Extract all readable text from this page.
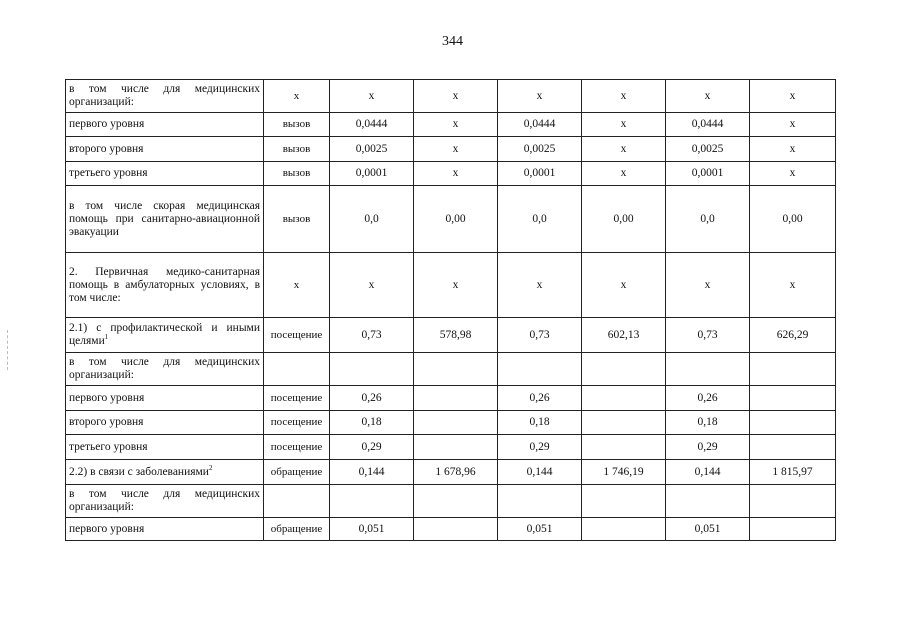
344
в том числе для медицинских организаций:	x	x	x	x	x	x	x
первого уровня	вызов	0,0444	x	0,0444	x	0,0444	x
второго уровня	вызов	0,0025	x	0,0025	x	0,0025	x
третьего уровня	вызов	0,0001	x	0,0001	x	0,0001	x
в том числе скорая медицинская помощь при санитарно-авиационной эвакуации	вызов	0,0	0,00	0,0	0,00	0,0	0,00
2. Первичная медико-санитарная помощь в амбулаторных условиях, в том числе:	x	x	x	x	x	x	x
2.1) с профилактической и иными целями$^1$	посещение	0,73	578,98	0,73	602,13	0,73	626,29
в том числе для медицинских организаций:							
первого уровня	посещение	0,26		0,26		0,26	
второго уровня	посещение	0,18		0,18		0,18	
третьего уровня	посещение	0,29		0,29		0,29	
2.2) в связи с заболеваниями$^2$	обращение	0,144	1 678,96	0,144	1 746,19	0,144	1 815,97
в том числе для медицинских организаций:							
первого уровня	обращение	0,051		0,051		0,051	
